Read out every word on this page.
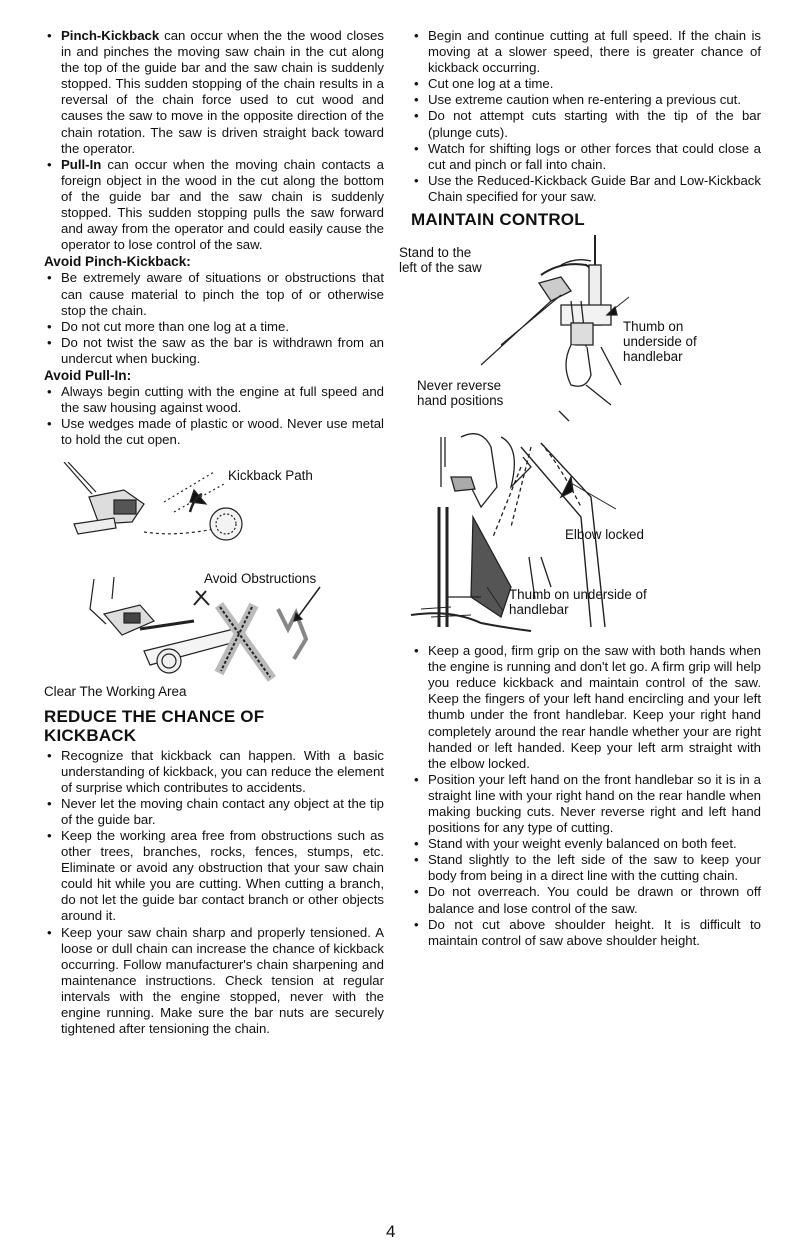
• Pinch-Kickback can occur when the the wood closes in and pinches the moving saw chain in the cut along the top of the guide bar and the saw chain is suddenly stopped. This sudden stopping of the chain results in a reversal of the chain force used to cut wood and causes the saw to move in the opposite direction of the chain rotation. The saw is driven straight back toward the operator.
• Pull-In can occur when the moving chain contacts a foreign object in the wood in the cut along the bottom of the guide bar and the saw chain is suddenly stopped. This sudden stopping pulls the saw forward and away from the operator and could easily cause the operator to lose control of the saw.

Avoid Pinch-Kickback:

• Be extremely aware of situations or obstructions that can cause material to pinch the top of or otherwise stop the chain.
• Do not cut more than one log at a time.
• Do not twist the saw as the bar is withdrawn from an undercut when bucking.

Avoid Pull-In:

• Always begin cutting with the engine at full speed and the saw housing against wood.
• Use wedges made of plastic or wood. Never use metal to hold the cut open.
Kickback Path
Avoid Obstructions

Clear The Working Area

REDUCE THE CHANCE OF
KICKBACK

• Recognize that kickback can happen. With a basic understanding of kickback, you can reduce the element of surprise which contributes to accidents.
• Never let the moving chain contact any object at the tip of the guide bar.
• Keep the working area free from obstructions such as other trees, branches, rocks, fences, stumps, etc. Eliminate or avoid any obstruction that your saw chain could hit while you are cutting. When cutting a branch, do not let the guide bar contact branch or other objects around it.
• Keep your saw chain sharp and properly tensioned. A loose or dull chain can increase the chance of kickback occurring. Follow manufacturer's chain sharpening and maintenance instructions. Check tension at regular intervals with the engine stopped, never with the engine running. Make sure the bar nuts are securely tightened after tensioning the chain.
• Begin and continue cutting at full speed. If the chain is moving at a slower speed, there is greater chance of kickback occurring.
• Cut one log at a time.
• Use extreme caution when re-entering a previous cut.
• Do not attempt cuts starting with the tip of the bar (plunge cuts).
• Watch for shifting logs or other forces that could close a cut and pinch or fall into chain.
• Use the Reduced-Kickback Guide Bar and Low-Kickback Chain specified for your saw.

MAINTAIN CONTROL

Stand to the
left of the saw
Thumb on
underside of
handlebar
Never reverse
hand positions
Elbow locked
Thumb on underside of
handlebar
• Keep a good, firm grip on the saw with both hands when the engine is running and don't let go. A firm grip will help you reduce kickback and maintain control of the saw. Keep the fingers of your left hand encircling and your left thumb under the front handlebar. Keep your right hand completely around the rear handle whether your are right handed or left handed. Keep your left arm straight with the elbow locked.
• Position your left hand on the front handlebar so it is in a straight line with your right hand on the rear handle when making bucking cuts. Never reverse right and left hand positions for any type of cutting.
• Stand with your weight evenly balanced on both feet.
• Stand slightly to the left side of the saw to keep your body from being in a direct line with the cutting chain.
• Do not overreach. You could be drawn or thrown off balance and lose control of the saw.
• Do not cut above shoulder height. It is difficult to maintain control of saw above shoulder height.
4
